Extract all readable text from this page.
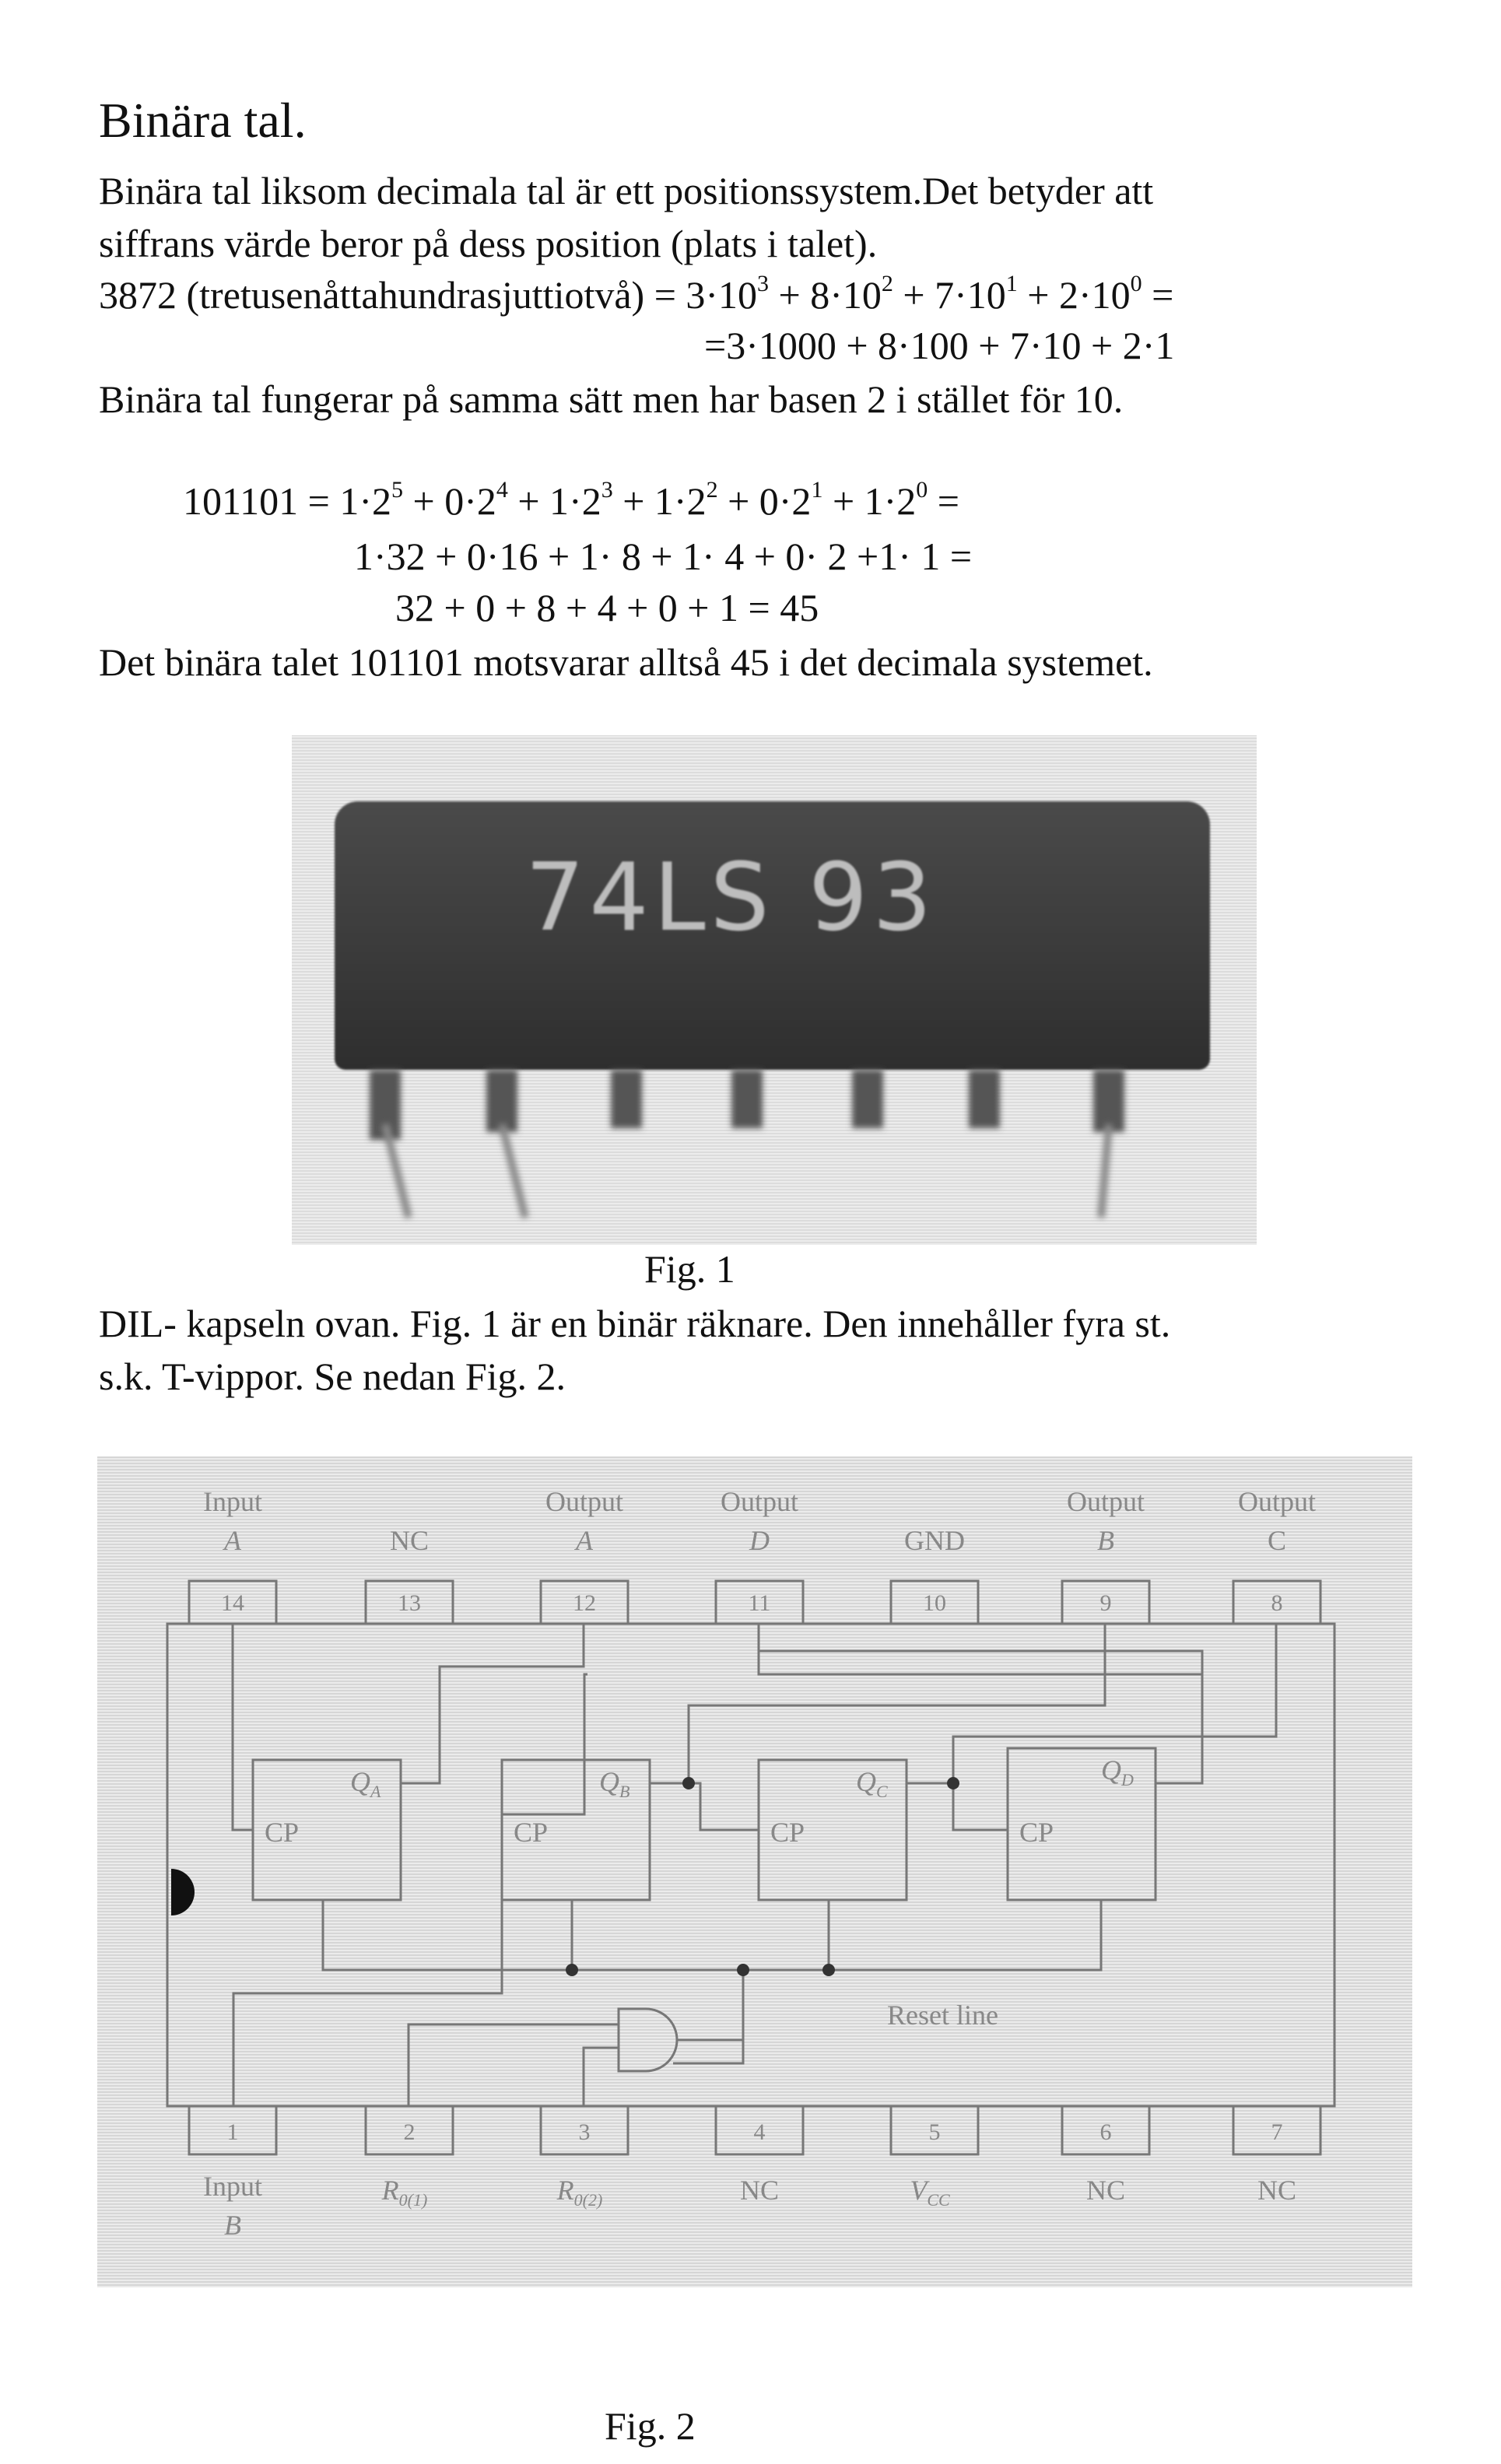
Binära tal.
Binära tal liksom decimala tal är ett positionssystem.Det betyder att
siffrans värde beror på dess position (plats i talet).
3872 (tretusenåttahundrasjuttiotvå) = $3\cdot 10^3 + 8\cdot 10^2 + 7\cdot 10^1 + 2\cdot 10^0$ =
=3·1000 + 8·100 + 7·10 + 2·1
Binära tal fungerar på samma sätt men har basen 2 i stället för 10.
$101101 = 1\cdot 2^5 + 0\cdot 2^4 + 1\cdot 2^3 + 1\cdot 2^2 + 0\cdot 2^1 + 1\cdot 2^0$ =
1·32 + 0·16 + 1· 8 + 1· 4 + 0· 2 +1· 1 =
32 + 0 + 8 + 4 + 0 + 1 = 45
Det binära talet 101101 motsvarar alltså 45 i det decimala systemet.
74LS 93
Fig. 1
DIL- kapseln ovan. Fig. 1 är en binär räknare. Den innehåller fyra st.
s.k. T-vippor. Se nedan Fig. 2.
Input
A	NC
Output
A
Output
D	GND
Output
B
Output
C
14	13	12	11	10	9	8
1	2	3	4	5	6	7
Input
B
$R_{0(1)}$	$R_{0(2)}$	NC	$V_{CC}$	NC	NC
CP	CP	CP	CP
$Q_A$	$Q_B$	$Q_C$
$Q_D$
Reset line
Fig. 2
